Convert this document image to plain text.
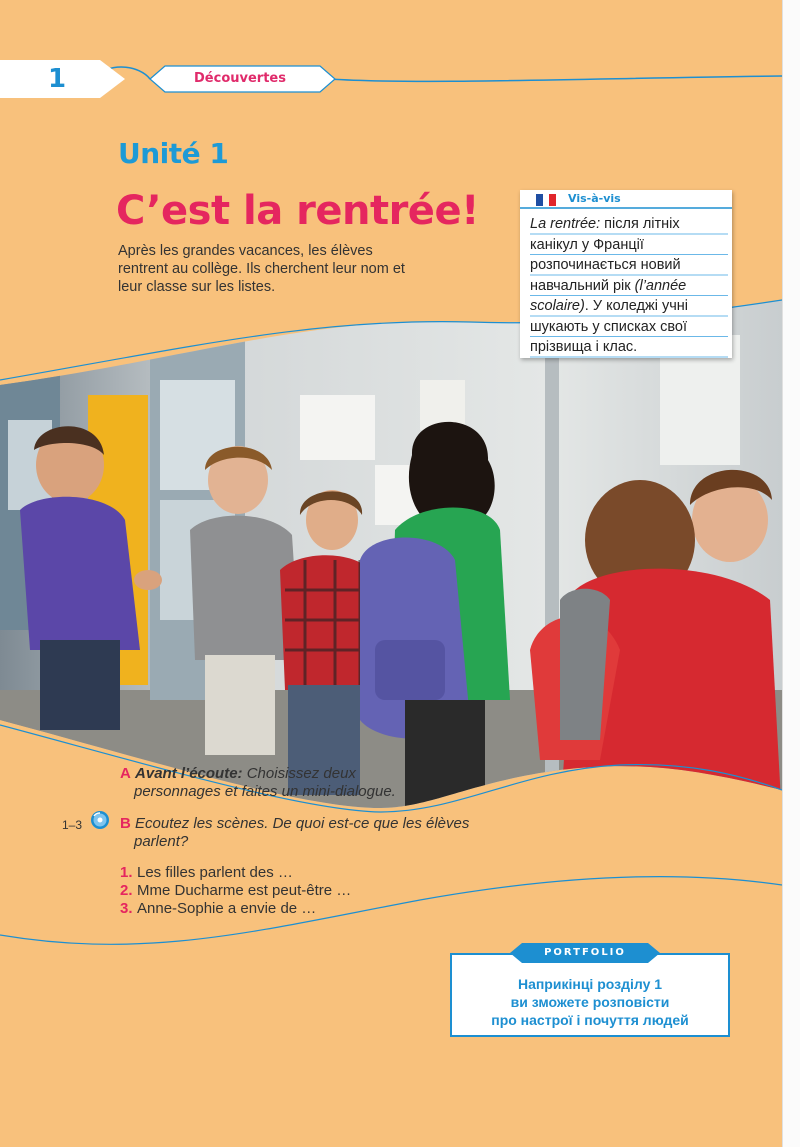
1	Découvertes
Unité 1
C’est la rentrée!
Après les grandes vacances, les élèves rentrent au collège. Ils cherchent leur nom et leur classe sur les listes.
Vis-à-vis
La rentrée: після літніх канікул у Франції розпочинається новий навчальний рік (l’année scolaire). У коледжі учні шукають у списках свої прізвища і клас.
A Avant l’écoute: Choisissez deux personnages et faites un mini-dialogue.
1–3	B Ecoutez les scènes. De quoi est-ce que les élèves parlent?
1. Les filles parlent des …
2. Mme Ducharme est peut-être …
3. Anne-Sophie a envie de …
PORTFOLIO
Наприкінці розділу 1
ви зможете розповісти
про настрої і почуття людей
